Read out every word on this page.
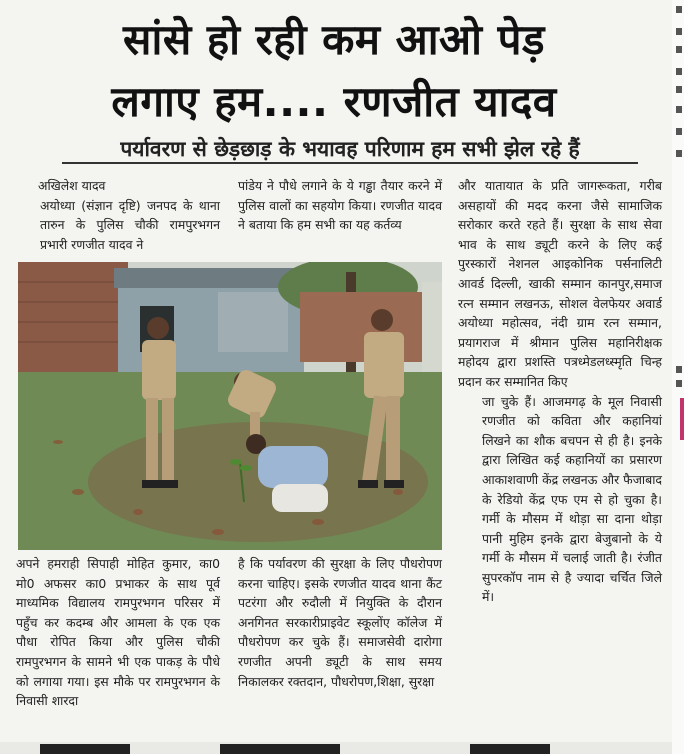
सांसे हो रही कम आओ पेड़
लगाए हम.... रणजीत यादव
पर्यावरण से छेड़छाड़ के भयावह परिणाम हम सभी झेल रहे हैं

अखिलेश यादव

अयोध्या (संज्ञान दृष्टि) जनपद के थाना तारुन के पुलिस चौकी रामपुरभगन प्रभारी रणजीत यादव ने

पांडेय ने पौधे लगाने के ये गड्ढा तैयार करने में पुलिस वालों का सहयोग किया। रणजीत यादव ने बताया कि हम सभी का यह कर्तव्य

और यातायात के प्रति जागरूकता, गरीब असहायों की मदद करना जैसे सामाजिक सरोकार करते रहते हैं। सुरक्षा के साथ सेवा भाव के साथ ड्यूटी करने के लिए कई पुरस्कारों नेशनल आइकोनिक पर्सनालिटी आवर्ड दिल्ली, खाकी सम्मान कानपुर,समाज रत्न सम्मान लखनऊ, सोशल वेलफेयर अवार्ड अयोध्या महोत्सव, नंदी ग्राम रत्न सम्मान, प्रयागराज में श्रीमान पुलिस महानिरीक्षक महोदय द्वारा प्रशस्ति पत्रध्मेडलध्स्मृति चिन्ह प्रदान कर सम्मानित किए

जा चुके हैं। आजमगढ़ के मूल निवासी रणजीत को कविता और कहानियां लिखने का शौक बचपन से ही है। इनके द्वारा लिखित कई कहानियों का प्रसारण आकाशवाणी केंद्र लखनऊ और फैजाबाद के रेडियो केंद्र एफ एम से हो चुका है। गर्मी के मौसम में थोड़ा सा दाना थोड़ा पानी मुहिम इनके द्वारा बेजुबानो के ये गर्मी के मौसम में चलाई जाती है। रंजीत सुपरकॉप नाम से है ज्यादा चर्चित जिले में।

अपने हमराही सिपाही मोहित कुमार, का0 मो0 अफसर का0 प्रभाकर के साथ पूर्व माध्यमिक विद्यालय रामपुरभगन परिसर में पहुँच कर कदम्ब और आमला के एक एक पौधा रोपित किया और पुलिस चौकी रामपुरभगन के सामने भी एक पाकड़ के पौधे को लगाया गया। इस मौके पर रामपुरभगन के निवासी शारदा

है कि पर्यावरण की सुरक्षा के लिए पौधरोपण करना चाहिए। इसके रणजीत यादव थाना कैंट पटरंगा और रुदौली में नियुक्ति के दौरान अनगिनत सरकारीप्राइवेट स्कूलोंए कॉलेज में पौधरोपण कर चुके हैं। समाजसेवी दारोगा रणजीत अपनी ड्यूटी के साथ समय निकालकर रक्तदान, पौधरोपण,शिक्षा, सुरक्षा
